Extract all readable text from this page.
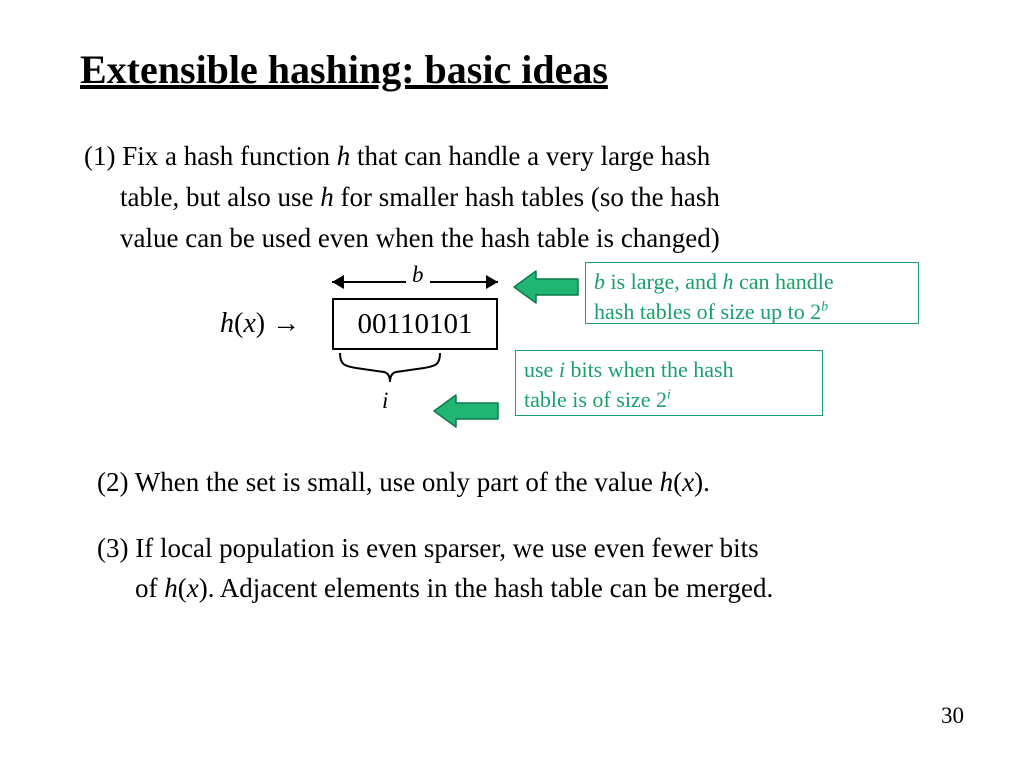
Extensible hashing: basic ideas
(1) Fix a hash function h that can handle a very large hash
table, but also use h for smaller hash tables (so the hash
value can be used even when the hash table is changed)
b
h(x) →	00110101
i
b is large, and h can handle
hash tables of size up to 2$^b$
use i bits when the hash
table is of size 2$^i$
(2) When the set is small, use only part of the value h(x).
(3) If local population is even sparser, we use even fewer bits
of h(x). Adjacent elements in the hash table can be merged.
30
